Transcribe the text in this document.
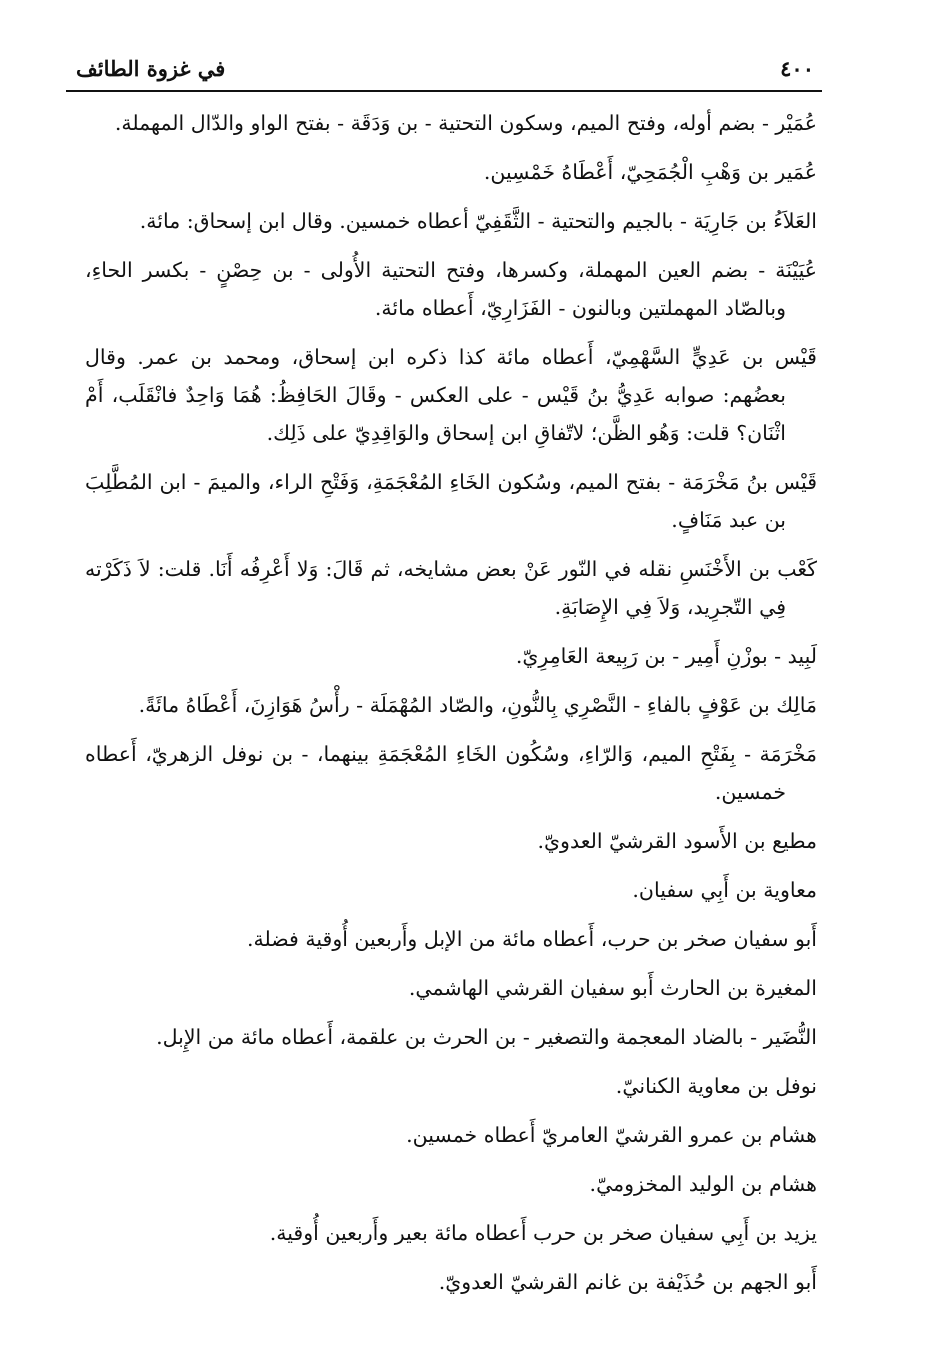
٤٠٠
في غزوة الطائف

عُمَيْر - بضم أوله، وفتح الميم، وسكون التحتية - بن وَدَقَة - بفتح الواو والدّال المهملة.

عُمَير بن وَهْبِ الْجُمَحِيّ، أَعْطَاهُ خَمْسِين.

العَلاَءُ بن جَارِيَة - بالجيم والتحتية - الثَّقَفِيّ أعطاه خمسين. وقال ابن إسحاق: مائة.

عُيَيْنَة - بضم العين المهملة، وكسرها، وفتح التحتية الأُولى - بن حِصْنٍ - بكسر الحاءِ، وبالصّاد المهملتين وبالنون - الفَزَارِيّ، أَعطاه مائة.

قَيْس بن عَدِيٍّ السَّهْمِيّ، أَعطاه مائة كذا ذكره ابن إسحاق، ومحمد بن عمر. وقال بعضُهم: صوابه عَدِيُّ بنُ قَيْس - على العكس - وقَالَ الحَافِظُ: هُمَا وَاحِدٌ فانْقَلَب، أَمْ اثْنَان؟ قلت: وَهُو الظَّن؛ لاتّفاقِ ابن إسحاق والوَاقِدِيّ على ذَلِك.

قَيْس بنُ مَخْرَمَة - بفتح الميم، وسُكون الخَاءِ المُعْجَمَةِ، وَفَتْحِ الراء، والميمَ - ابن المُطَّلِبَ بن عبد مَنَافٍ.

كَعْب بن الأَخْنَسِ نقله في النّور عَنْ بعض مشايخه، ثم قَالَ: وَلا أَعْرِفُه أَنَا. قلت: لاَ ذَكَرْته فِي التّجرِيد، وَلاَ فِي الإِصَابَةِ.

لَبِيد - بوزْنِ أَمِير - بن رَبِيعة العَامِرِيّ.

مَالِك بن عَوْفٍ بالفاءِ - النَّصْرِي بِالنُّونِ، والصّاد المُهْمَلَة - رأْسُ هَوَازِنَ، أَعْطَاهُ مائَةً.

مَخْرَمَة - بِفَتْحِ الميم، وَالرّاءِ، وسُكُون الخَاءِ المُعْجَمَةِ بينهما، - بن نوفل الزهريّ، أَعطاه خمسين.

مطيع بن الأَسود القرشيّ العدويّ.

معاوية بن أَبِي سفيان.

أَبو سفيان صخر بن حرب، أَعطاه مائة من الإبل وأَربعين أُوقية فضلة.

المغيرة بن الحارث أَبو سفيان القرشي الهاشمي.

النُّضَير - بالضاد المعجمة والتصغير - بن الحرث بن علقمة، أَعطاه مائة من الإِبل.

نوفل بن معاوية الكنانيّ.

هشام بن عمرو القرشيّ العامريّ أَعطاه خمسين.

هشام بن الوليد المخزوميّ.

يزيد بن أَبِي سفيان صخر بن حرب أَعطاه مائة بعير وأَربعين أُوقية.

أَبو الجهم بن حُذَيْفة بن غانم القرشيّ العدويّ.
